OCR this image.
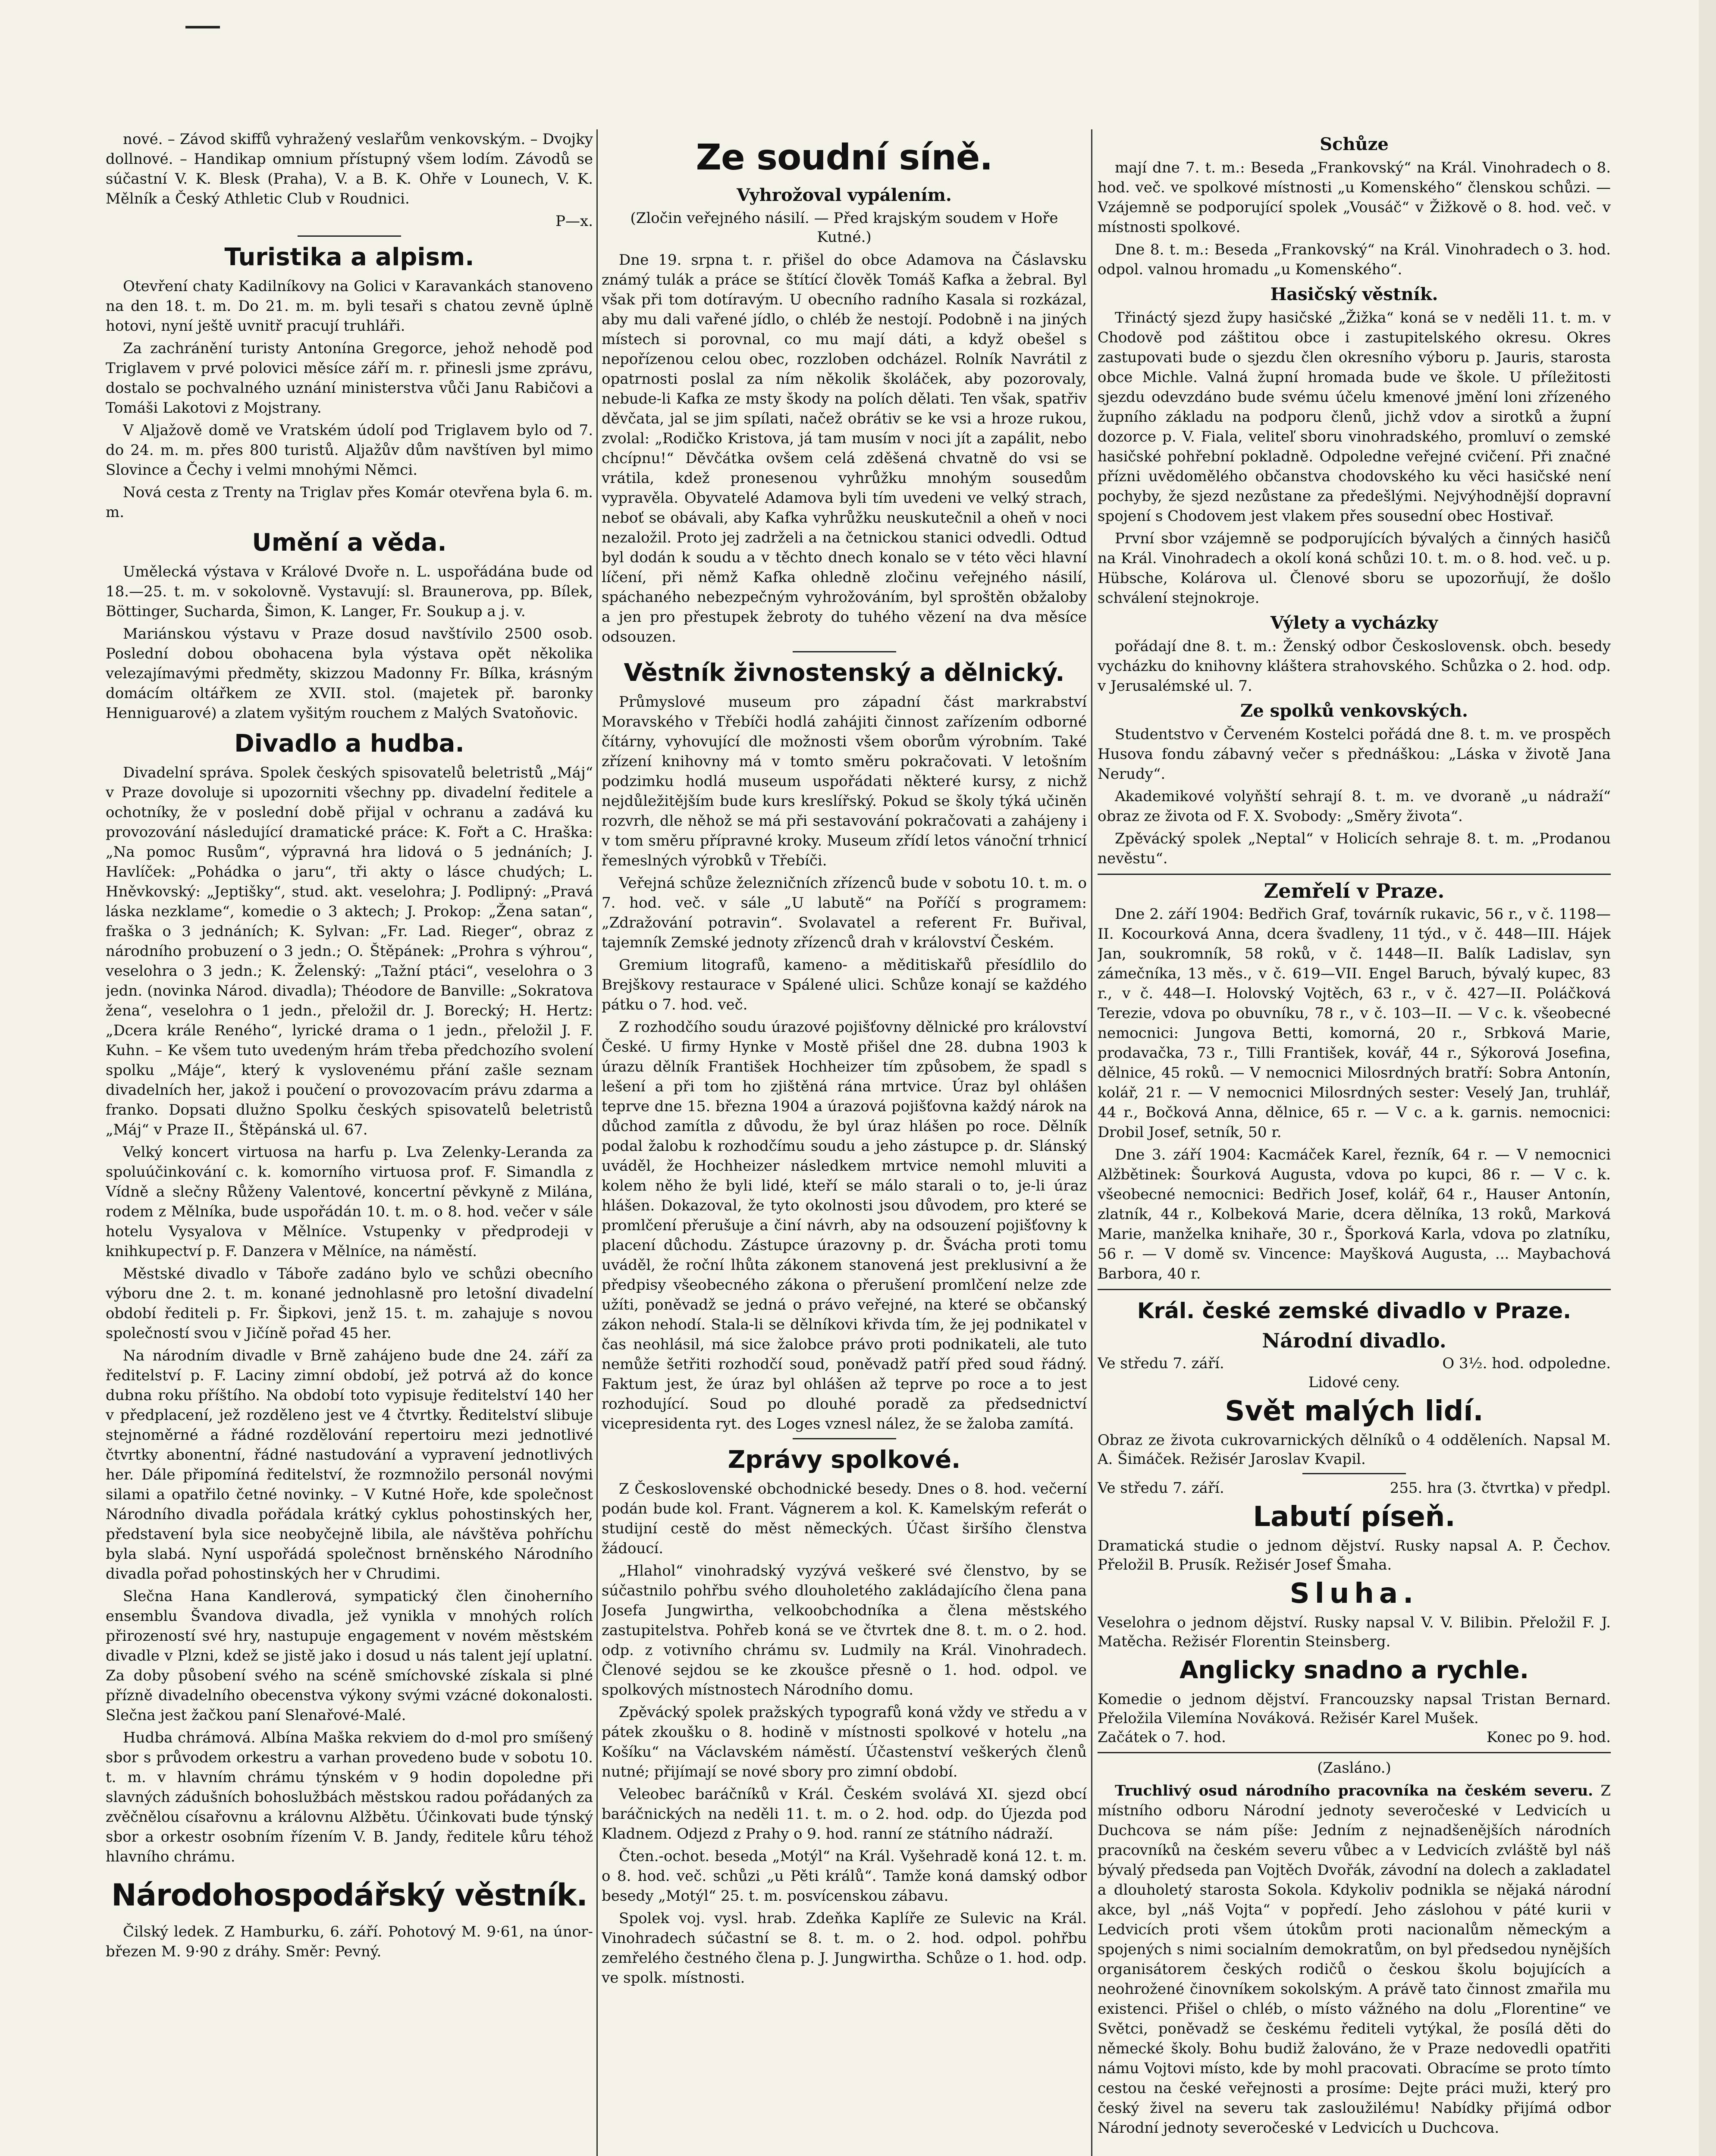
nové. – Závod skiffů vyhražený veslařům venkovským. – Dvojky dollnové. – Handikap omnium přístupný všem lodím. Závodů se súčastní V. K. Blesk (Praha), V. a B. K. Ohře v Lounech, V. K. Mělník a Český Athletic Club v Roudnici.

P—x.
Turistika a alpism.

Otevření chaty Kadilníkovy na Golici v Karavankách stanoveno na den 18. t. m. Do 21. m. m. byli tesaři s chatou zevně úplně hotovi, nyní ještě uvnitř pracují truhláři.

Za zachránění turisty Antonína Gregorce, jehož nehodě pod Triglavem v prvé polovici měsíce září m. r. přinesli jsme zprávu, dostalo se pochvalného uznání ministerstva vůči Janu Rabičovi a Tomáši Lakotovi z Mojstrany.

V Aljažově domě ve Vratském údolí pod Triglavem bylo od 7. do 24. m. m. přes 800 turistů. Aljažův dům navštíven byl mimo Slovince a Čechy i velmi mnohými Němci.

Nová cesta z Trenty na Triglav přes Komár otevřena byla 6. m. m.

Umění a věda.

Umělecká výstava v Králové Dvoře n. L. uspořádána bude od 18.—25. t. m. v sokolovně. Vystavují: sl. Braunerova, pp. Bílek, Böttinger, Sucharda, Šimon, K. Langer, Fr. Soukup a j. v.

Mariánskou výstavu v Praze dosud navštívilo 2500 osob. Poslední dobou obohacena byla výstava opět několika velezajímavými předměty, skizzou Madonny Fr. Bílka, krásným domácím oltářkem ze XVII. stol. (majetek př. baronky Henniguarové) a zlatem vyšitým rouchem z Malých Svatoňovic.

Divadlo a hudba.

Divadelní správa. Spolek českých spisovatelů beletristů „Máj“ v Praze dovoluje si upozorniti všechny pp. divadelní ředitele a ochotníky, že v poslední době přijal v ochranu a zadává ku provozování následující dramatické práce: K. Fořt a C. Hraška: „Na pomoc Rusům“, výpravná hra lidová o 5 jednáních; J. Havlíček: „Pohádka o jaru“, tři akty o lásce chudých; L. Hněvkovský: „Jeptišky“, stud. akt. veselohra; J. Podlipný: „Pravá láska nezklame“, komedie o 3 aktech; J. Prokop: „Žena satan“, fraška o 3 jednáních; K. Sylvan: „Fr. Lad. Rieger“, obraz z národního probuzení o 3 jedn.; O. Štěpánek: „Prohra s výhrou“, veselohra o 3 jedn.; K. Želenský: „Tažní ptáci“, veselohra o 3 jedn. (novinka Národ. divadla); Théodore de Banville: „Sokratova žena“, veselohra o 1 jedn., přeložil dr. J. Borecký; H. Hertz: „Dcera krále Reného“, lyrické drama o 1 jedn., přeložil J. F. Kuhn. – Ke všem tuto uvedeným hrám třeba předchozího svolení spolku „Máje“, který k vyslovenému přání zašle seznam divadelních her, jakož i poučení o provozovacím právu zdarma a franko. Dopsati dlužno Spolku českých spisovatelů beletristů „Máj“ v Praze II., Štěpánská ul. 67.

Velký koncert virtuosa na harfu p. Lva Zelenky-Leranda za spoluúčinkování c. k. komorního virtuosa prof. F. Simandla z Vídně a slečny Růženy Valentové, koncertní pěvkyně z Milána, rodem z Mělníka, bude uspořádán 10. t. m. o 8. hod. večer v sále hotelu Vysyalova v Mělníce. Vstupenky v předprodeji v knihkupectví p. F. Danzera v Mělníce, na náměstí.

Městské divadlo v Táboře zadáno bylo ve schůzi obecního výboru dne 2. t. m. konané jednohlasně pro letošní divadelní období řediteli p. Fr. Šipkovi, jenž 15. t. m. zahajuje s novou společností svou v Jičíně pořad 45 her.

Na národním divadle v Brně zahájeno bude dne 24. září za ředitelství p. F. Laciny zimní období, jež potrvá až do konce dubna roku příštího. Na období toto vypisuje ředitelství 140 her v předplacení, jež rozděleno jest ve 4 čtvrtky. Ředitelství slibuje stejnoměrné a řádné rozdělování repertoiru mezi jednotlivé čtvrtky abonentní, řádné nastudování a vypravení jednotlivých her. Dále připomíná ředitelství, že rozmnožilo personál novými silami a opatřilo četné novinky. – V Kutné Hoře, kde společnost Národního divadla pořádala krátký cyklus pohostinských her, představení byla sice neobyčejně libila, ale návštěva pohříchu byla slabá. Nyní uspořádá společnost brněnského Národního divadla pořad pohostinských her v Chrudimi.

Slečna Hana Kandlerová, sympatický člen činoherního ensemblu Švandova divadla, jež vynikla v mnohých rolích přirozeností své hry, nastupuje engagement v novém městském divadle v Plzni, kdež se jistě jako i dosud u nás talent její uplatní. Za doby působení svého na scéně smíchovské získala si plné přízně divadelního obecenstva výkony svými vzácné dokonalosti. Slečna jest žačkou paní Slenařové-Malé.

Hudba chrámová. Albína Maška rekviem do d-mol pro smíšený sbor s průvodem orkestru a varhan provedeno bude v sobotu 10. t. m. v hlavním chrámu týnském v 9 hodin dopoledne při slavných zádušních bohoslužbách městskou radou pořádaných za zvěčnělou císařovnu a královnu Alžbětu. Účinkovati bude týnský sbor a orkestr osobním řízením V. B. Jandy, ředitele kůru téhož hlavního chrámu.

Národohospodářský věstník.

Čilský ledek. Z Hamburku, 6. září. Pohotový M. 9·61, na únor-březen M. 9·90 z dráhy. Směr: Pevný.

Ze soudní síně.
Vyhrožoval vypálením.
(Zločin veřejného násilí. — Před krajským soudem v Hoře Kutné.)

Dne 19. srpna t. r. přišel do obce Adamova na Čáslavsku známý tulák a práce se štítící člověk Tomáš Kafka a žebral. Byl však při tom dotíravým. U obecního radního Kasala si rozkázal, aby mu dali vařené jídlo, o chléb že nestojí. Podobně i na jiných místech si porovnal, co mu mají dáti, a když obešel s nepořízenou celou obec, rozzloben odcházel. Rolník Navrátil z opatrnosti poslal za ním několik školáček, aby pozorovaly, nebude-li Kafka ze msty škody na polích dělati. Ten však, spatřiv děvčata, jal se jim spílati, načež obrátiv se ke vsi a hroze rukou, zvolal: „Rodičko Kristova, já tam musím v noci jít a zapálit, nebo chcípnu!“ Děvčátka ovšem celá zděšená chvatně do vsi se vrátila, kdež pronesenou vyhrůžku mnohým sousedům vypravěla. Obyvatelé Adamova byli tím uvedeni ve velký strach, neboť se obávali, aby Kafka vyhrůžku neuskutečnil a oheň v noci nezaložil. Proto jej zadrželi a na četnickou stanici odvedli. Odtud byl dodán k soudu a v těchto dnech konalo se v této věci hlavní líčení, při němž Kafka ohledně zločinu veřejného násilí, spáchaného nebezpečným vyhrožováním, byl sproštěn obžaloby a jen pro přestupek žebroty do tuhého vězení na dva měsíce odsouzen.

Věstník živnostenský a dělnický.

Průmyslové museum pro západní část markrabství Moravského v Třebíči hodlá zahájiti činnost zařízením odborné čítárny, vyhovující dle možnosti všem oborům výrobním. Také zřízení knihovny má v tomto směru pokračovati. V letošním podzimku hodlá museum uspořádati některé kursy, z nichž nejdůležitějším bude kurs kreslířský. Pokud se školy týká učiněn rozvrh, dle něhož se má při sestavování pokračovati a zahájeny i v tom směru přípravné kroky. Museum zřídí letos vánoční trhnicí řemeslných výrobků v Třebíči.

Veřejná schůze železničních zřízenců bude v sobotu 10. t. m. o 7. hod. več. v sále „U labutě“ na Poříčí s programem: „Zdražování potravin“. Svolavatel a referent Fr. Buřival, tajemník Zemské jednoty zřízenců drah v království Českém.

Gremium litografů, kameno- a měditiskařů přesídlilo do Brejškovy restaurace v Spálené ulici. Schůze konají se každého pátku o 7. hod. več.

Z rozhodčího soudu úrazové pojišťovny dělnické pro království České. U firmy Hynke v Mostě přišel dne 28. dubna 1903 k úrazu dělník František Hochheizer tím způsobem, že spadl s lešení a při tom ho zjištěná rána mrtvice. Úraz byl ohlášen teprve dne 15. března 1904 a úrazová pojišťovna každý nárok na důchod zamítla z důvodu, že byl úraz hlášen po roce. Dělník podal žalobu k rozhodčímu soudu a jeho zástupce p. dr. Slánský uváděl, že Hochheizer následkem mrtvice nemohl mluviti a kolem něho že byli lidé, kteří se málo starali o to, je-li úraz hlášen. Dokazoval, že tyto okolnosti jsou důvodem, pro které se promlčení přerušuje a činí návrh, aby na odsouzení pojišťovny k placení důchodu. Zástupce úrazovny p. dr. Švácha proti tomu uváděl, že roční lhůta zákonem stanovená jest preklusivní a že předpisy všeobecného zákona o přerušení promlčení nelze zde užíti, poněvadž se jedná o právo veřejné, na které se občanský zákon nehodí. Stala-li se dělníkovi křivda tím, že jej podnikatel v čas neohlásil, má sice žalobce právo proti podnikateli, ale tuto nemůže šetřiti rozhodčí soud, poněvadž patří před soud řádný. Faktum jest, že úraz byl ohlášen až teprve po roce a to jest rozhodující. Soud po dlouhé poradě za předsednictví vicepresidenta ryt. des Loges vznesl nález, že se žaloba zamítá.

Zprávy spolkové.

Z Československé obchodnické besedy. Dnes o 8. hod. večerní podán bude kol. Frant. Vágnerem a kol. K. Kamelským referát o studijní cestě do měst německých. Účast širšího členstva žádoucí.

„Hlahol“ vinohradský vyzývá veškeré své členstvo, by se súčastnilo pohřbu svého dlouholetého zakládajícího člena pana Josefa Jungwirtha, velkoobchodníka a člena městského zastupitelstva. Pohřeb koná se ve čtvrtek dne 8. t. m. o 2. hod. odp. z votivního chrámu sv. Ludmily na Král. Vinohradech. Členové sejdou se ke zkoušce přesně o 1. hod. odpol. ve spolkových místnostech Národního domu.

Zpěvácký spolek pražských typografů koná vždy ve středu a v pátek zkoušku o 8. hodině v místnosti spolkové v hotelu „na Košíku“ na Václavském náměstí. Účastenství veškerých členů nutné; přijímají se nové sbory pro zimní období.

Veleobec baráčníků v Král. Českém svolává XI. sjezd obcí baráčnických na neděli 11. t. m. o 2. hod. odp. do Újezda pod Kladnem. Odjezd z Prahy o 9. hod. ranní ze státního nádraží.

Čten.-ochot. beseda „Motýl“ na Král. Vyšehradě koná 12. t. m. o 8. hod. več. schůzi „u Pěti králů“. Tamže koná damský odbor besedy „Motýl“ 25. t. m. posvícenskou zábavu.

Spolek voj. vysl. hrab. Zdeňka Kaplíře ze Sulevic na Král. Vinohradech súčastní se 8. t. m. o 2. hod. odpol. pohřbu zemřelého čestného člena p. J. Jungwirtha. Schůze o 1. hod. odp. ve spolk. místnosti.

Schůze

mají dne 7. t. m.: Beseda „Frankovský“ na Král. Vinohradech o 8. hod. več. ve spolkové místnosti „u Komenského“ členskou schůzi. — Vzájemně se podporující spolek „Vousáč“ v Žižkově o 8. hod. več. v místnosti spolkové.

Dne 8. t. m.: Beseda „Frankovský“ na Král. Vinohradech o 3. hod. odpol. valnou hromadu „u Komenského“.

Hasičský věstník.

Třináctý sjezd župy hasičské „Žižka“ koná se v neděli 11. t. m. v Chodově pod záštitou obce i zastupitelského okresu. Okres zastupovati bude o sjezdu člen okresního výboru p. Jauris, starosta obce Michle. Valná župní hromada bude ve škole. U příležitosti sjezdu odevzdáno bude svému účelu kmenové jmění loni zřízeného župního základu na podporu členů, jichž vdov a sirotků a župní dozorce p. V. Fiala, veliteľ sboru vinohradského, promluví o zemské hasičské pohřební pokladně. Odpoledne veřejné cvičení. Při značné přízni uvědomělého občanstva chodovského ku věci hasičské není pochyby, že sjezd nezůstane za předešlými. Nejvýhodnější dopravní spojení s Chodovem jest vlakem přes sousední obec Hostivař.

První sbor vzájemně se podporujících bývalých a činných hasičů na Král. Vinohradech a okolí koná schůzi 10. t. m. o 8. hod. več. u p. Hübsche, Kolárova ul. Členové sboru se upozorňují, že došlo schválení stejnokroje.

Výlety a vycházky

pořádají dne 8. t. m.: Ženský odbor Československ. obch. besedy vycházku do knihovny kláštera strahovského. Schůzka o 2. hod. odp. v Jerusalémské ul. 7.

Ze spolků venkovských.

Studentstvo v Červeném Kostelci pořádá dne 8. t. m. ve prospěch Husova fondu zábavný večer s přednáškou: „Láska v životě Jana Nerudy“.

Akademikové volyňští sehrají 8. t. m. ve dvoraně „u nádraží“ obraz ze života od F. X. Svobody: „Směry života“.

Zpěvácký spolek „Neptal“ v Holicích sehraje 8. t. m. „Prodanou nevěstu“.

Zemřelí v Praze.

Dne 2. září 1904: Bedřich Graf, továrník rukavic, 56 r., v č. 1198—II. Kocourková Anna, dcera švadleny, 11 týd., v č. 448—III. Hájek Jan, soukromník, 58 roků, v č. 1448—II. Balík Ladislav, syn zámečníka, 13 měs., v č. 619—VII. Engel Baruch, bývalý kupec, 83 r., v č. 448—I. Holovský Vojtěch, 63 r., v č. 427—II. Poláčková Terezie, vdova po obuvníku, 78 r., v č. 103—II. — V c. k. všeobecné nemocnici: Jungova Betti, komorná, 20 r., Srbková Marie, prodavačka, 73 r., Tilli František, kovář, 44 r., Sýkorová Josefina, dělnice, 45 roků. — V nemocnici Milosrdných bratří: Sobra Antonín, kolář, 21 r. — V nemocnici Milosrdných sester: Veselý Jan, truhlář, 44 r., Bočková Anna, dělnice, 65 r. — V c. a k. garnis. nemocnici: Drobil Josef, setník, 50 r.

Dne 3. září 1904: Kacmáček Karel, řezník, 64 r. — V nemocnici Alžbětinek: Šourková Augusta, vdova po kupci, 86 r. — V c. k. všeobecné nemocnici: Bedřich Josef, kolář, 64 r., Hauser Antonín, zlatník, 44 r., Kolbeková Marie, dcera dělníka, 13 roků, Marková Marie, manželka knihaře, 30 r., Šporková Karla, vdova po zlatníku, 56 r. — V domě sv. Vincence: Mayšková Augusta, ... Maybachová Barbora, 40 r.

Král. české zemské divadlo v Praze.
Národní divadlo.
Ve středu 7. září.	O 3½. hod. odpoledne.
Lidové ceny.
Svět malých lidí.
Obraz ze života cukrovarnických dělníků o 4 odděleních. Napsal M. A. Šimáček. Režisér Jaroslav Kvapil.
Ve středu 7. září.	255. hra (3. čtvrtka) v předpl.
Labutí píseň.
Dramatická studie o jednom dějství. Rusky napsal A. P. Čechov. Přeložil B. Prusík. Režisér Josef Šmaha.
Sluha.
Veselohra o jednom dějství. Rusky napsal V. V. Bilibin. Přeložil F. J. Matěcha. Režisér Florentin Steinsberg.
Anglicky snadno a rychle.
Komedie o jednom dějství. Francouzsky napsal Tristan Bernard. Přeložila Vilemína Nováková. Režisér Karel Mušek.
Začátek o 7. hod.	Konec po 9. hod.
(Zasláno.)

Truchlivý osud národního pracovníka na českém severu. Z místního odboru Národní jednoty severočeské v Ledvicích u Duchcova se nám píše: Jedním z nejnadšenějších národních pracovníků na českém severu vůbec a v Ledvicích zvláště byl náš bývalý předseda pan Vojtěch Dvořák, závodní na dolech a zakladatel a dlouholetý starosta Sokola. Kdykoliv podnikla se nějaká národní akce, byl „náš Vojta“ v popředí. Jeho záslohou v páté kurii v Ledvicích proti všem útokům proti nacionalům německým a spojených s nimi socialním demokratům, on byl předsedou nynějších organisátorem českých rodičů o českou školu bojujících a neohrožené činovníkem sokolským. A právě tato činnost zmařila mu existenci. Přišel o chléb, o místo vážného na dolu „Florentine“ ve Světci, poněvadž se českému řediteli vytýkal, že posílá děti do německé školy. Bohu budiž žalováno, že v Praze nedovedli opatřiti námu Vojtovi místo, kde by mohl pracovati. Obracíme se proto tímto cestou na české veřejnosti a prosíme: Dejte práci muži, který pro český živel na severu tak zasloužilému! Nabídky přijímá odbor Národní jednoty severočeské v Ledvicích u Duchcova.
